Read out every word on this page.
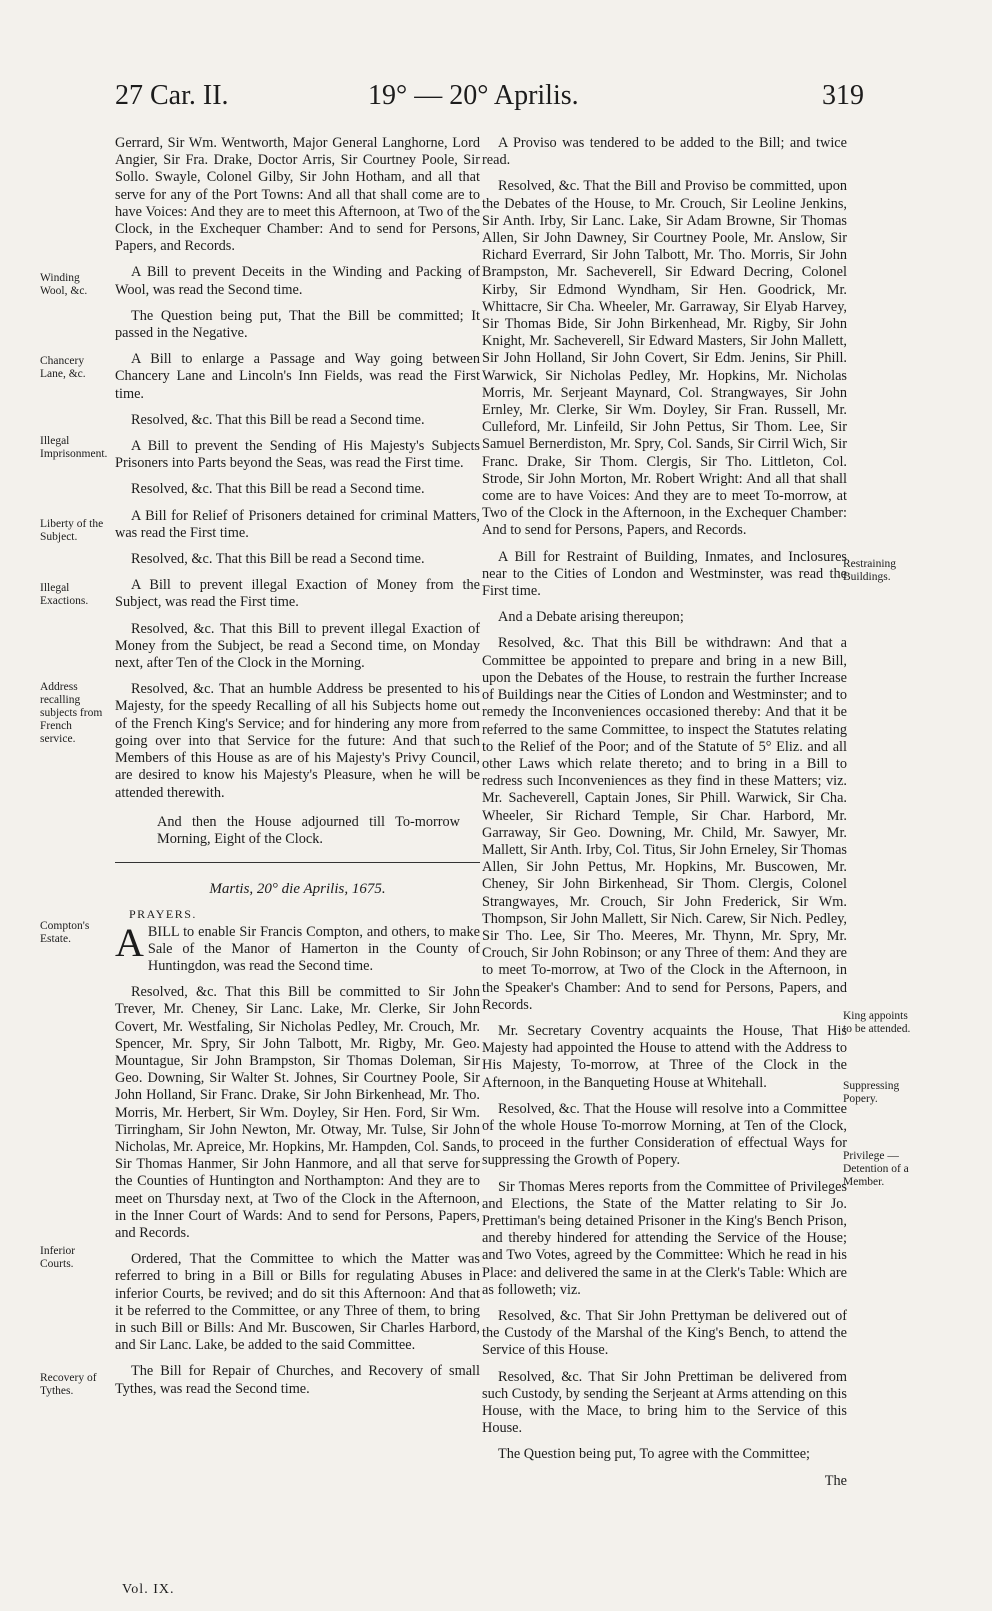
27 Car. II.	19° — 20° Aprilis.	319
Winding Wool, &c.
Chancery Lane, &c.
Illegal Imprisonment.
Liberty of the Subject.
Illegal Exactions.
Address recalling subjects from French service.
Compton's Estate.
Inferior Courts.
Recovery of Tythes.
Restraining Buildings.
King appoints to be attended.
Suppressing Popery.
Privilege — Detention of a Member.

Gerrard, Sir Wm. Wentworth, Major General Langhorne, Lord Angier, Sir Fra. Drake, Doctor Arris, Sir Courtney Poole, Sir Sollo. Swayle, Colonel Gilby, Sir John Hotham, and all that serve for any of the Port Towns: And all that shall come are to have Voices: And they are to meet this Afternoon, at Two of the Clock, in the Exchequer Chamber: And to send for Persons, Papers, and Records.

A Bill to prevent Deceits in the Winding and Packing of Wool, was read the Second time.

The Question being put, That the Bill be committed; It passed in the Negative.

A Bill to enlarge a Passage and Way going between Chancery Lane and Lincoln's Inn Fields, was read the First time.

Resolved, &c. That this Bill be read a Second time.

A Bill to prevent the Sending of His Majesty's Subjects Prisoners into Parts beyond the Seas, was read the First time.

Resolved, &c. That this Bill be read a Second time.

A Bill for Relief of Prisoners detained for criminal Matters, was read the First time.

Resolved, &c. That this Bill be read a Second time.

A Bill to prevent illegal Exaction of Money from the Subject, was read the First time.

Resolved, &c. That this Bill to prevent illegal Exaction of Money from the Subject, be read a Second time, on Monday next, after Ten of the Clock in the Morning.

Resolved, &c. That an humble Address be presented to his Majesty, for the speedy Recalling of all his Subjects home out of the French King's Service; and for hindering any more from going over into that Service for the future: And that such Members of this House as are of his Majesty's Privy Council, are desired to know his Majesty's Pleasure, when he will be attended therewith.

And then the House adjourned till To-morrow Morning, Eight of the Clock.

Martis, 20° die Aprilis, 1675.

PRAYERS.

ABILL to enable Sir Francis Compton, and others, to make Sale of the Manor of Hamerton in the County of Huntingdon, was read the Second time.

Resolved, &c. That this Bill be committed to Sir John Trever, Mr. Cheney, Sir Lanc. Lake, Mr. Clerke, Sir John Covert, Mr. Westfaling, Sir Nicholas Pedley, Mr. Crouch, Mr. Spencer, Mr. Spry, Sir John Talbott, Mr. Rigby, Mr. Geo. Mountague, Sir John Brampston, Sir Thomas Doleman, Sir Geo. Downing, Sir Walter St. Johnes, Sir Courtney Poole, Sir John Holland, Sir Franc. Drake, Sir John Birkenhead, Mr. Tho. Morris, Mr. Herbert, Sir Wm. Doyley, Sir Hen. Ford, Sir Wm. Tirringham, Sir John Newton, Mr. Otway, Mr. Tulse, Sir John Nicholas, Mr. Apreice, Mr. Hopkins, Mr. Hampden, Col. Sands, Sir Thomas Hanmer, Sir John Hanmore, and all that serve for the Counties of Huntington and Northampton: And they are to meet on Thursday next, at Two of the Clock in the Afternoon, in the Inner Court of Wards: And to send for Persons, Papers, and Records.

Ordered, That the Committee to which the Matter was referred to bring in a Bill or Bills for regulating Abuses in inferior Courts, be revived; and do sit this Afternoon: And that it be referred to the Committee, or any Three of them, to bring in such Bill or Bills: And Mr. Buscowen, Sir Charles Harbord, and Sir Lanc. Lake, be added to the said Committee.

The Bill for Repair of Churches, and Recovery of small Tythes, was read the Second time.

A Proviso was tendered to be added to the Bill; and twice read.

Resolved, &c. That the Bill and Proviso be committed, upon the Debates of the House, to Mr. Crouch, Sir Leoline Jenkins, Sir Anth. Irby, Sir Lanc. Lake, Sir Adam Browne, Sir Thomas Allen, Sir John Dawney, Sir Courtney Poole, Mr. Anslow, Sir Richard Everrard, Sir John Talbott, Mr. Tho. Morris, Sir John Brampston, Mr. Sacheverell, Sir Edward Decring, Colonel Kirby, Sir Edmond Wyndham, Sir Hen. Goodrick, Mr. Whittacre, Sir Cha. Wheeler, Mr. Garraway, Sir Elyab Harvey, Sir Thomas Bide, Sir John Birkenhead, Mr. Rigby, Sir John Knight, Mr. Sacheverell, Sir Edward Masters, Sir John Mallett, Sir John Holland, Sir John Covert, Sir Edm. Jenins, Sir Phill. Warwick, Sir Nicholas Pedley, Mr. Hopkins, Mr. Nicholas Morris, Mr. Serjeant Maynard, Col. Strangwayes, Sir John Ernley, Mr. Clerke, Sir Wm. Doyley, Sir Fran. Russell, Mr. Culleford, Mr. Linfeild, Sir John Pettus, Sir Thom. Lee, Sir Samuel Bernerdiston, Mr. Spry, Col. Sands, Sir Cirril Wich, Sir Franc. Drake, Sir Thom. Clergis, Sir Tho. Littleton, Col. Strode, Sir John Morton, Mr. Robert Wright: And all that shall come are to have Voices: And they are to meet To-morrow, at Two of the Clock in the Afternoon, in the Exchequer Chamber: And to send for Persons, Papers, and Records.

A Bill for Restraint of Building, Inmates, and Inclosures near to the Cities of London and Westminster, was read the First time.

And a Debate arising thereupon;

Resolved, &c. That this Bill be withdrawn: And that a Committee be appointed to prepare and bring in a new Bill, upon the Debates of the House, to restrain the further Increase of Buildings near the Cities of London and Westminster; and to remedy the Inconveniences occasioned thereby: And that it be referred to the same Committee, to inspect the Statutes relating to the Relief of the Poor; and of the Statute of 5° Eliz. and all other Laws which relate thereto; and to bring in a Bill to redress such Inconveniences as they find in these Matters; viz. Mr. Sacheverell, Captain Jones, Sir Phill. Warwick, Sir Cha. Wheeler, Sir Richard Temple, Sir Char. Harbord, Mr. Garraway, Sir Geo. Downing, Mr. Child, Mr. Sawyer, Mr. Mallett, Sir Anth. Irby, Col. Titus, Sir John Erneley, Sir Thomas Allen, Sir John Pettus, Mr. Hopkins, Mr. Buscowen, Mr. Cheney, Sir John Birkenhead, Sir Thom. Clergis, Colonel Strangwayes, Mr. Crouch, Sir John Frederick, Sir Wm. Thompson, Sir John Mallett, Sir Nich. Carew, Sir Nich. Pedley, Sir Tho. Lee, Sir Tho. Meeres, Mr. Thynn, Mr. Spry, Mr. Crouch, Sir John Robinson; or any Three of them: And they are to meet To-morrow, at Two of the Clock in the Afternoon, in the Speaker's Chamber: And to send for Persons, Papers, and Records.

Mr. Secretary Coventry acquaints the House, That His Majesty had appointed the House to attend with the Address to His Majesty, To-morrow, at Three of the Clock in the Afternoon, in the Banqueting House at Whitehall.

Resolved, &c. That the House will resolve into a Committee of the whole House To-morrow Morning, at Ten of the Clock, to proceed in the further Consideration of effectual Ways for suppressing the Growth of Popery.

Sir Thomas Meres reports from the Committee of Privileges and Elections, the State of the Matter relating to Sir Jo. Prettiman's being detained Prisoner in the King's Bench Prison, and thereby hindered for attending the Service of the House; and Two Votes, agreed by the Committee: Which he read in his Place: and delivered the same in at the Clerk's Table: Which are as followeth; viz.

Resolved, &c. That Sir John Prettyman be delivered out of the Custody of the Marshal of the King's Bench, to attend the Service of this House.

Resolved, &c. That Sir John Prettiman be delivered from such Custody, by sending the Serjeant at Arms attending on this House, with the Mace, to bring him to the Service of this House.

The Question being put, To agree with the Committee;

The
Vol. IX.
